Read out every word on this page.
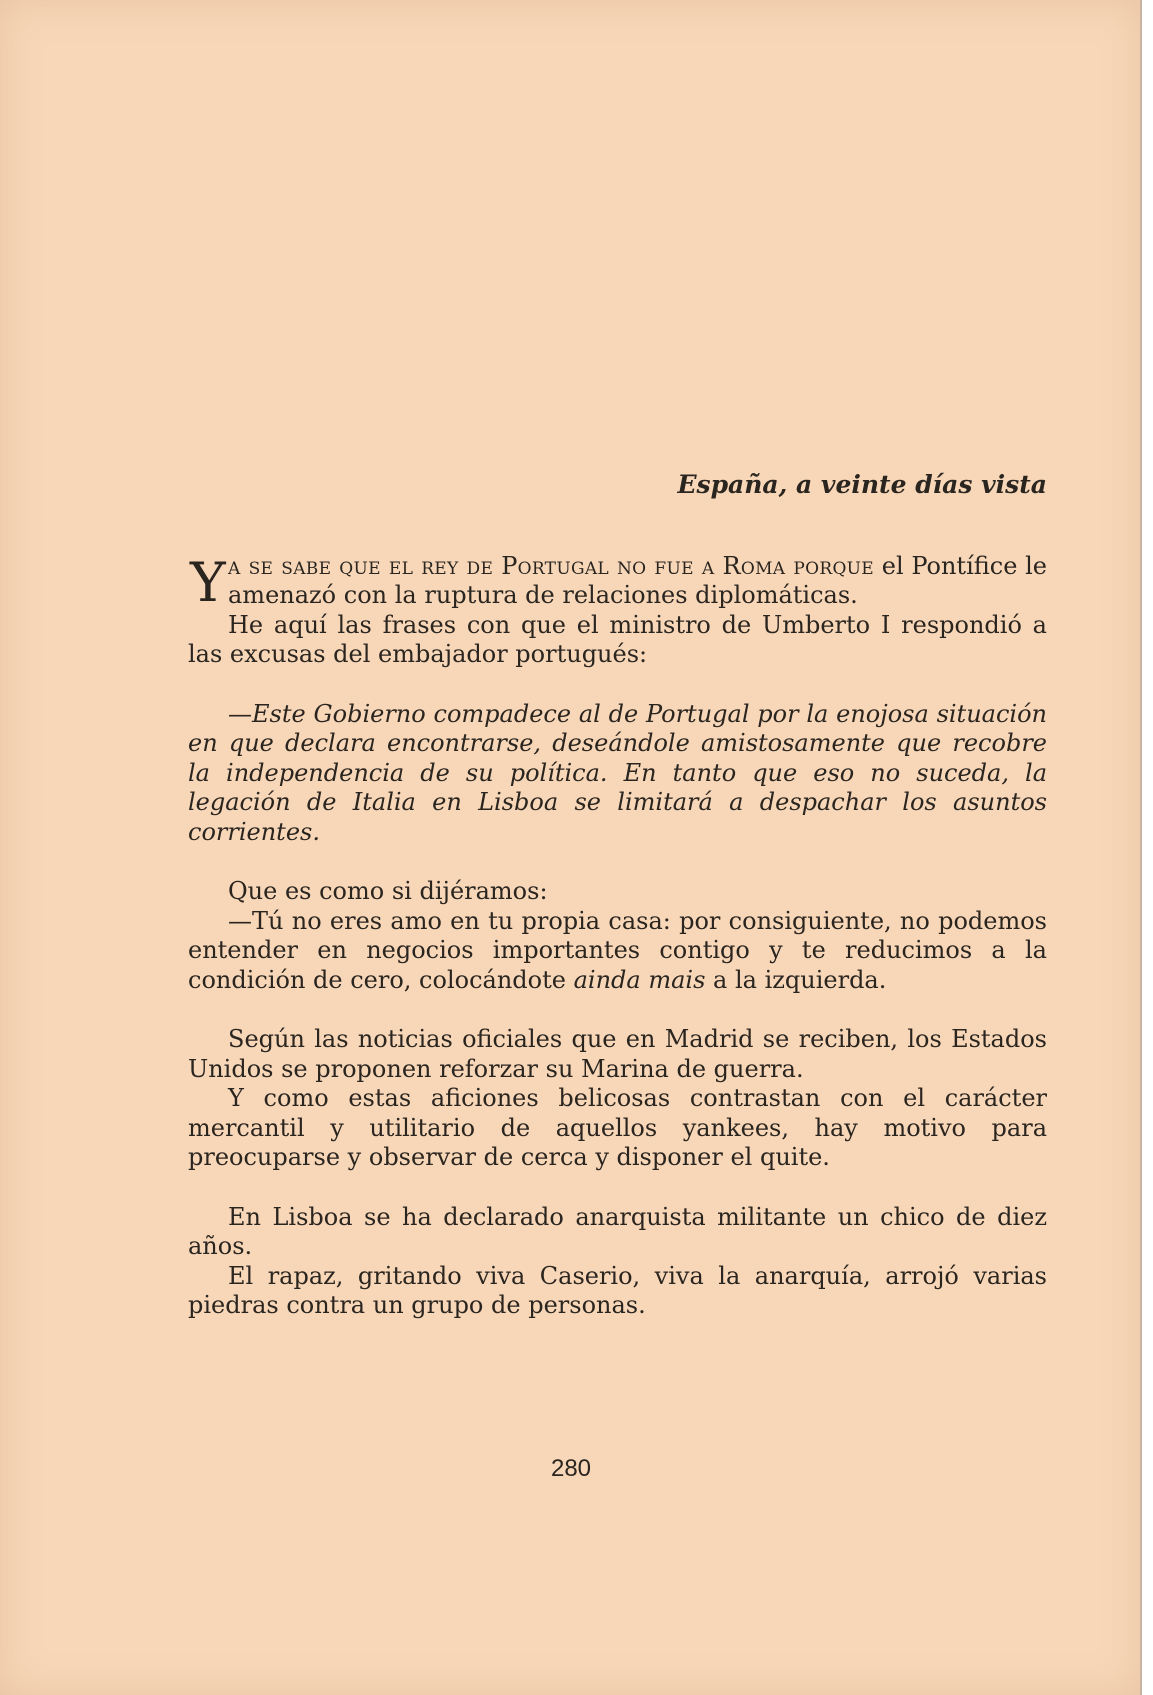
España, a veinte días vista

Y a se sabe que el rey de Portugal no fue a Roma porque el Pontífice le amenazó con la ruptura de relaciones diplomáticas.

He aquí las frases con que el ministro de Umberto I respondió a las excusas del embajador portugués:

—Este Gobierno compadece al de Portugal por la enojosa situación en que declara encontrarse, deseándole amistosamente que recobre la independencia de su política. En tanto que eso no suceda, la legación de Italia en Lisboa se limitará a despachar los asuntos corrientes.

Que es como si dijéramos:

—Tú no eres amo en tu propia casa: por consiguiente, no podemos entender en negocios importantes contigo y te reducimos a la condición de cero, colocándote ainda mais a la izquierda.

Según las noticias oficiales que en Madrid se reciben, los Estados Unidos se proponen reforzar su Marina de guerra.

Y como estas aficiones belicosas contrastan con el carácter mercantil y utilitario de aquellos yankees, hay motivo para preocuparse y observar de cerca y disponer el quite.

En Lisboa se ha declarado anarquista militante un chico de diez años.

El rapaz, gritando viva Caserio, viva la anarquía, arrojó varias piedras contra un grupo de personas.

280
